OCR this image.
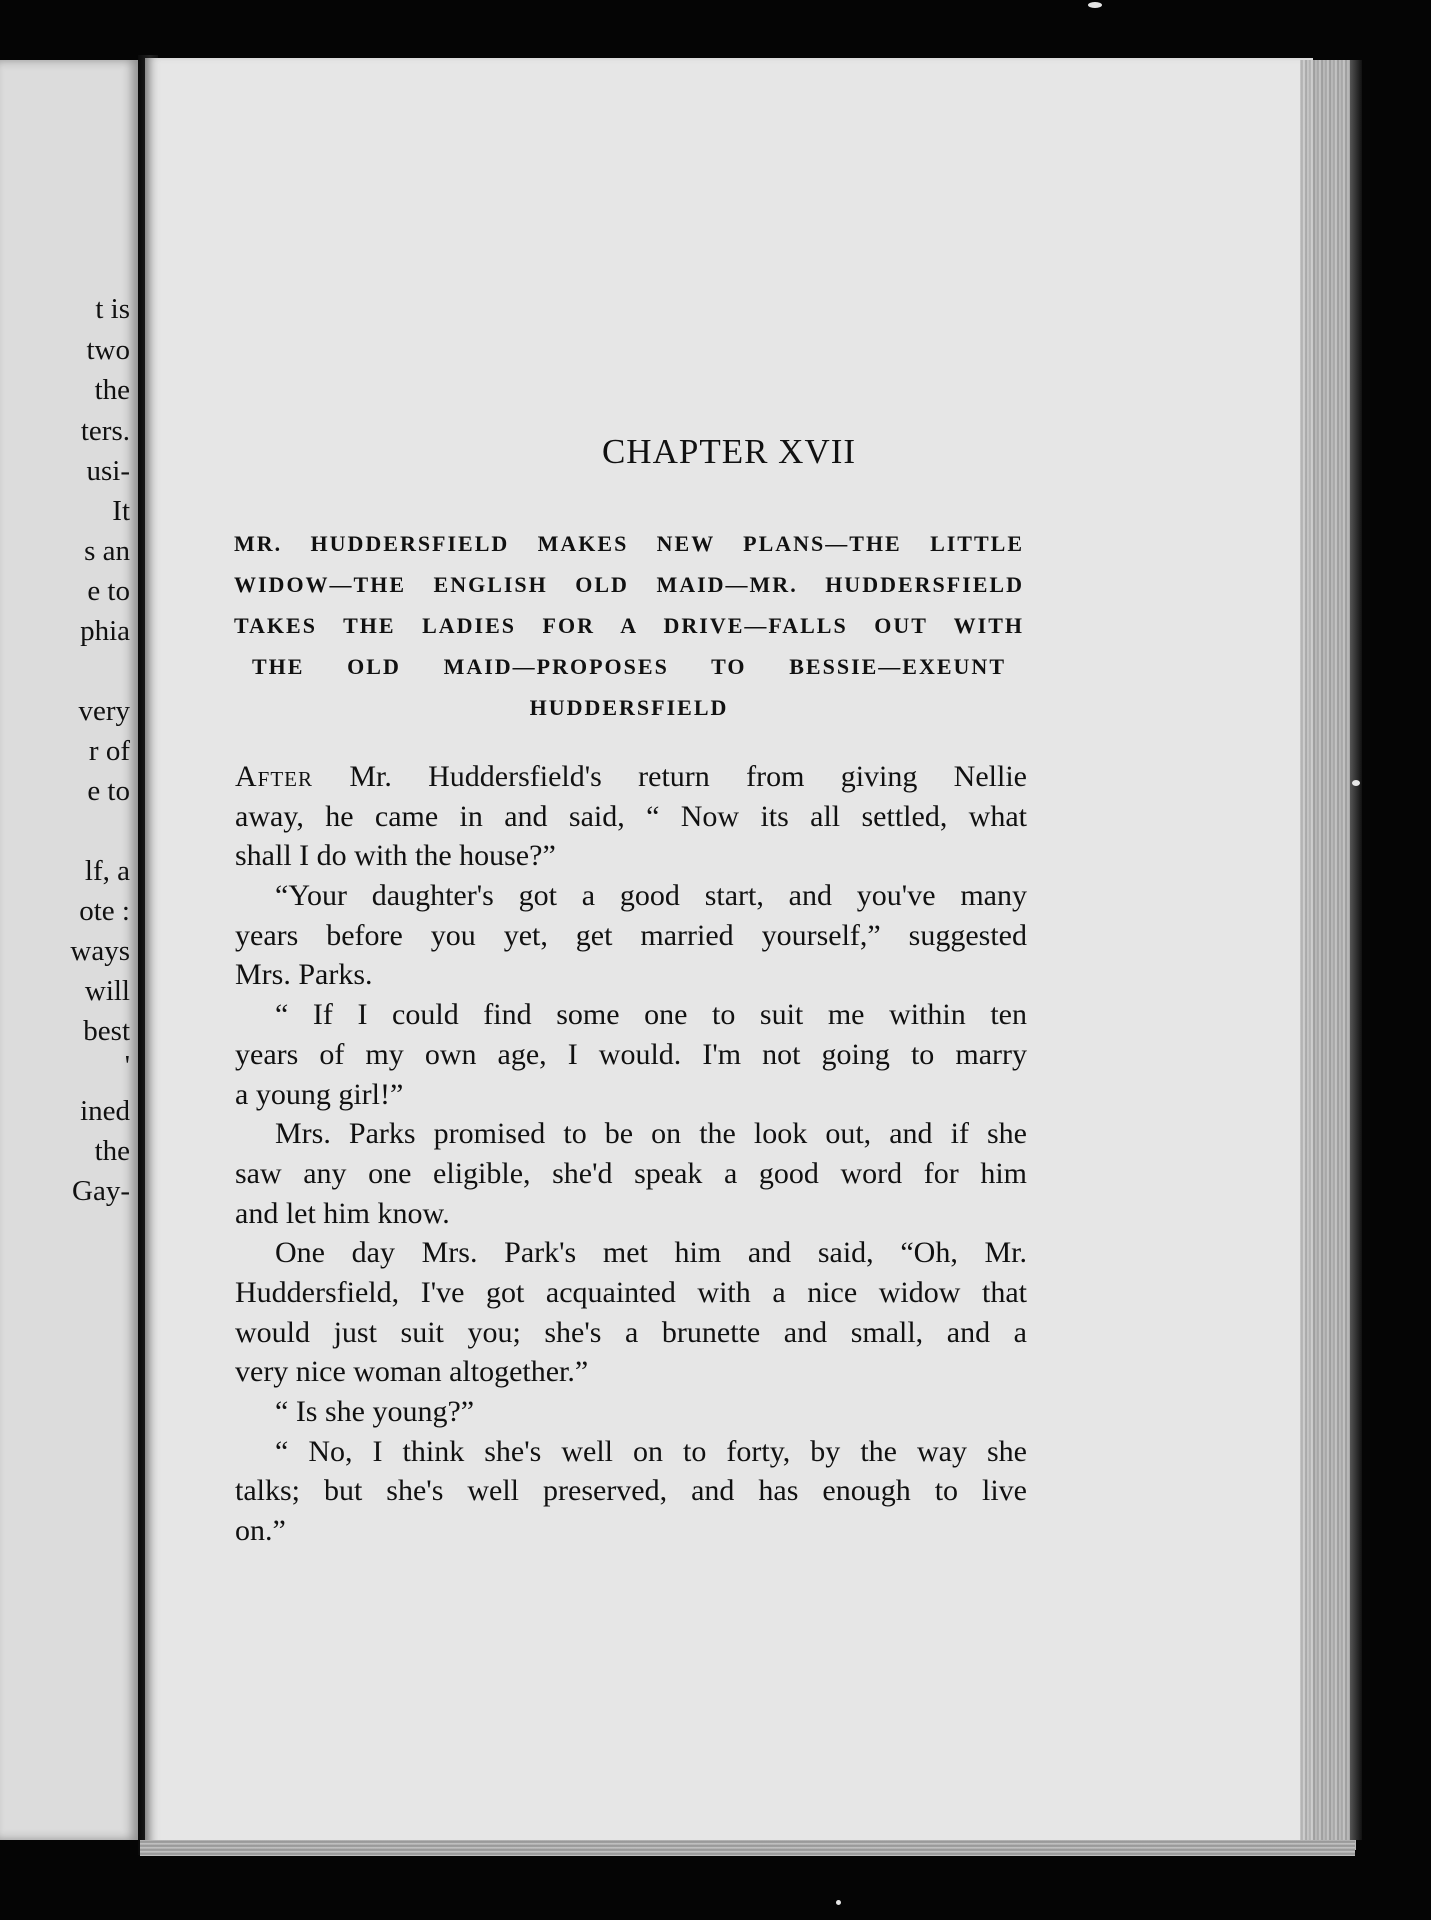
t is
two
the
ters.
usi-
It
s an
e to
phia
very
r of
e to
lf, a
ote :
ways
will
best
'
ined
the
Gay-
CHAPTER XVII
MR. HUDDERSFIELD MAKES NEW PLANS—THE LITTLE
WIDOW—THE ENGLISH OLD MAID—MR. HUDDERSFIELD
TAKES THE LADIES FOR A DRIVE—FALLS OUT WITH
THE OLD MAID—PROPOSES TO BESSIE—EXEUNT
HUDDERSFIELD
After Mr. Huddersfield's return from giving Nellie
away, he came in and said, “ Now its all settled, what
shall I do with the house?”
“Your daughter's got a good start, and you've many
years before you yet, get married yourself,” suggested
Mrs. Parks.
“ If I could find some one to suit me within ten
years of my own age, I would. I'm not going to marry
a young girl!”
Mrs. Parks promised to be on the look out, and if she
saw any one eligible, she'd speak a good word for him
and let him know.
One day Mrs. Park's met him and said, “Oh, Mr.
Huddersfield, I've got acquainted with a nice widow that
would just suit you; she's a brunette and small, and a
very nice woman altogether.”
“ Is she young?”
“ No, I think she's well on to forty, by the way she
talks; but she's well preserved, and has enough to live
on.”
